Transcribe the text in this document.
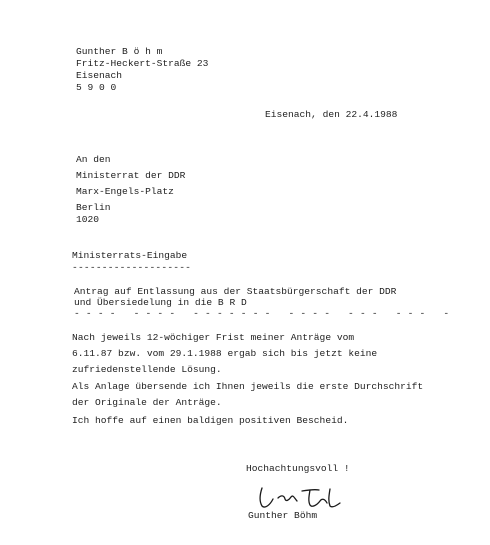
Gunther B ö h m
Fritz-Heckert-Straße 23
Eisenach
5 9 0 0
Eisenach, den 22.4.1988
An den
Ministerrat der DDR
Marx-Engels-Platz
Berlin
1020
Ministerrats-Eingabe
--------------------
Antrag auf Entlassung aus der Staatsbürgerschaft der DDR
und Übersiedelung in die B R D
- - - -   - - - -   - - - - - - -   - - - -   - - -   - - -   -
Nach jeweils 12-wöchiger Frist meiner Anträge vom
6.11.87 bzw. vom 29.1.1988 ergab sich bis jetzt keine
zufriedenstellende Lösung.
Als Anlage übersende ich Ihnen jeweils die erste Durchschrift
der Originale der Anträge.
Ich hoffe auf einen baldigen positiven Bescheid.
Hochachtungsvoll !
Gunther Böhm
